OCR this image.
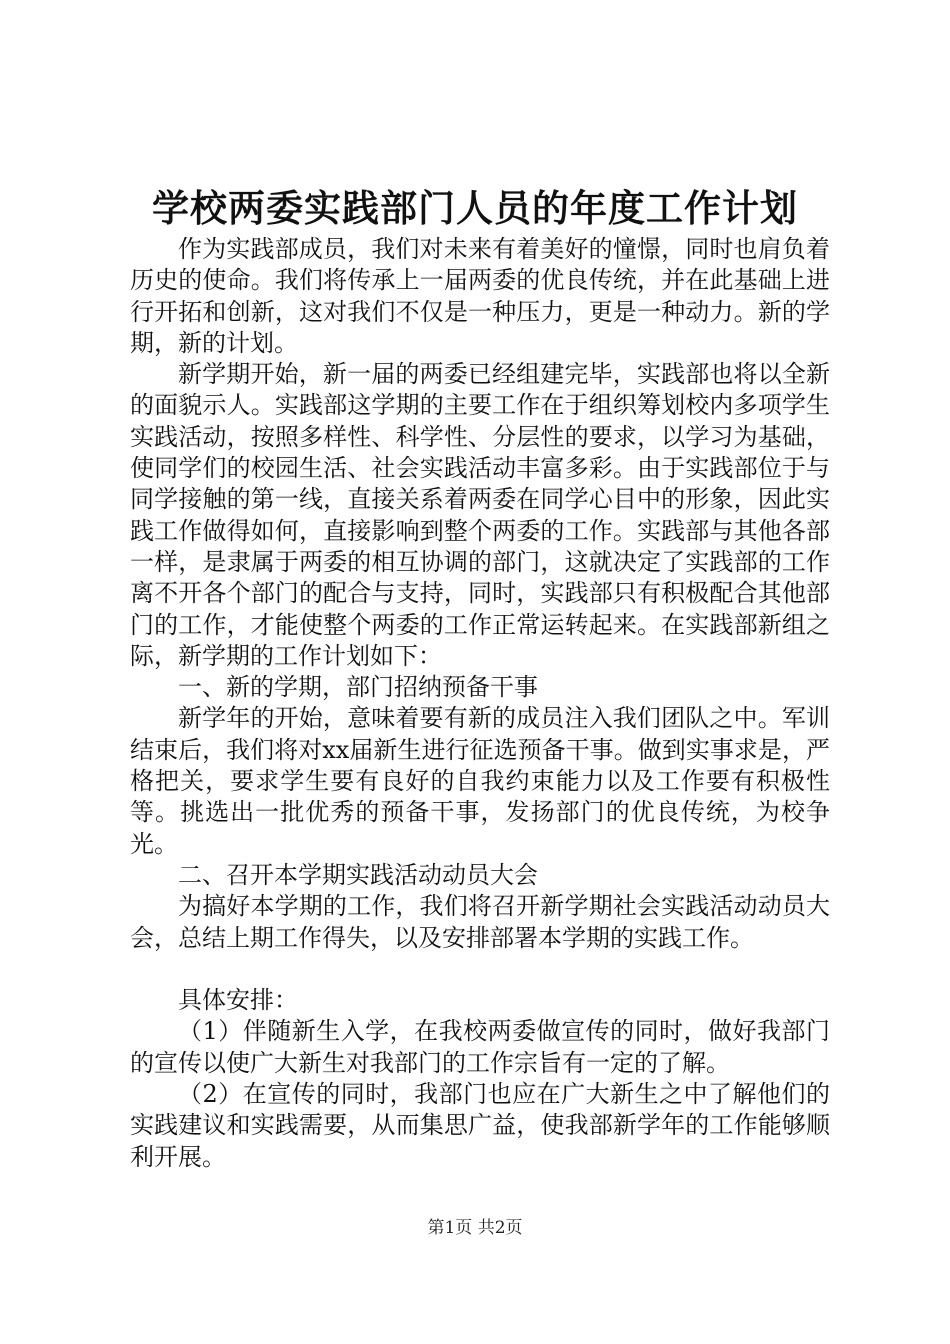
学校两委实践部门人员的年度工作计划

作为实践部成员，我们对未来有着美好的憧憬，同时也肩负着历史的使命。我们将传承上一届两委的优良传统，并在此基础上进行开拓和创新，这对我们不仅是一种压力，更是一种动力。新的学期，新的计划。

新学期开始，新一届的两委已经组建完毕，实践部也将以全新的面貌示人。实践部这学期的主要工作在于组织筹划校内多项学生实践活动，按照多样性、科学性、分层性的要求，以学习为基础，使同学们的校园生活、社会实践活动丰富多彩。由于实践部位于与同学接触的第一线，直接关系着两委在同学心目中的形象，因此实践工作做得如何，直接影响到整个两委的工作。实践部与其他各部一样，是隶属于两委的相互协调的部门，这就决定了实践部的工作离不开各个部门的配合与支持，同时，实践部只有积极配合其他部门的工作，才能使整个两委的工作正常运转起来。在实践部新组之际，新学期的工作计划如下：

一、新的学期，部门招纳预备干事

新学年的开始，意味着要有新的成员注入我们团队之中。军训结束后，我们将对xx届新生进行征选预备干事。做到实事求是，严格把关，要求学生要有良好的自我约束能力以及工作要有积极性等。挑选出一批优秀的预备干事，发扬部门的优良传统，为校争光。

二、召开本学期实践活动动员大会

为搞好本学期的工作，我们将召开新学期社会实践活动动员大会，总结上期工作得失，以及安排部署本学期的实践工作。

具体安排：

（1）伴随新生入学，在我校两委做宣传的同时，做好我部门的宣传以使广大新生对我部门的工作宗旨有一定的了解。

（2）在宣传的同时，我部门也应在广大新生之中了解他们的实践建议和实践需要，从而集思广益，使我部新学年的工作能够顺利开展。

第1页 共2页
